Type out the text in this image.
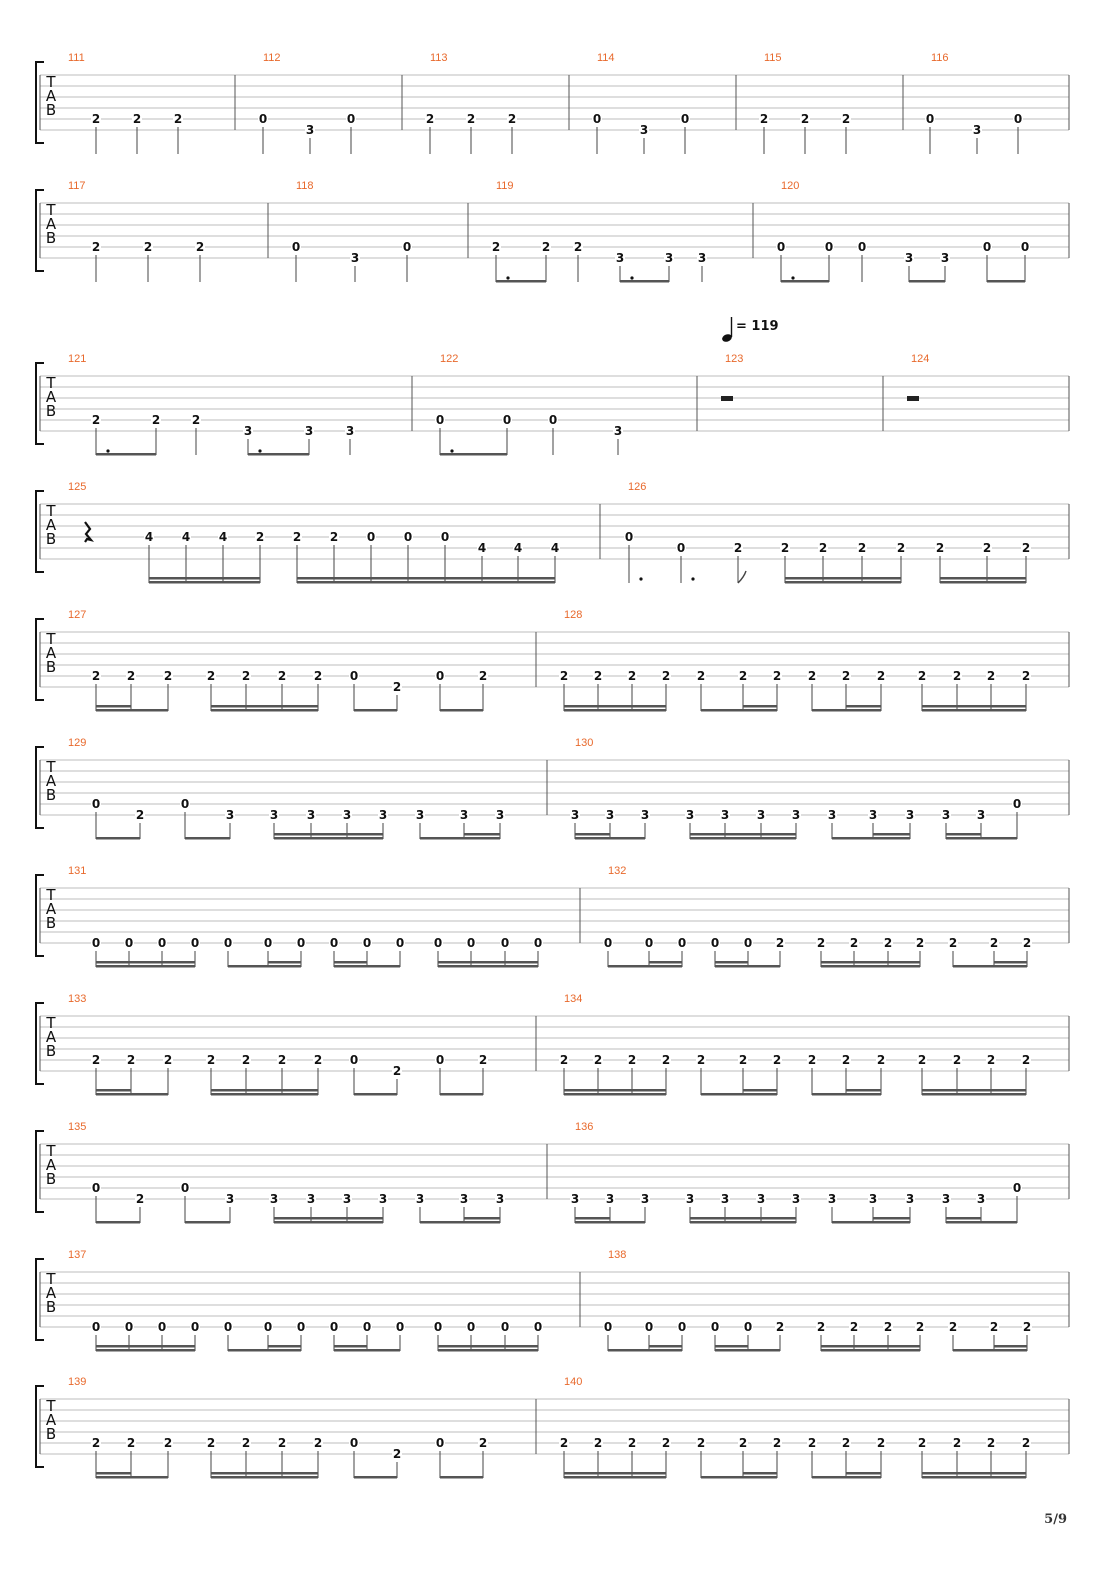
= 119
T
A
B
111
2	2	2
112
0
3
0
113
2	2	2
114
0
3
0
115
2	2	2
116
0
3
0
T
A
B
117
2	2	2
118
0
3
0
119
2	2 2
3	3 3
120
0	0 0
3 3
0 0
T
A
B
121
2	2	2
3	3	3
122
0	0	0
3
123	124
T
A
B
125
4 4 4 2 2 2 0 0 0
4 4 4
126
0
0	2	2 2	2	2	2	2	2
T
A
B
127
2 2 2	2 2 2 2 0
2
0	2
128
2 2 2 2 2	2 2 2 2 2	2 2 2 2
T
A
B
129
0
2
0
3	3 3 3 3 3	3 3
130
3 3 3	3 3 3 3 3	3 3 3 3
0
T
A
B
131
0 0 0 0 0	0 0 0 0 0 0 0 0 0
132
0	0 0 0 0 2	2 2 2 2 2	2 2
T
A
B
133
2 2 2	2 2 2 2 0
2
0	2
134
2 2 2 2 2	2 2 2 2 2	2 2 2 2
T
A
B
135
0
2
0
3	3 3 3 3 3	3 3
136
3 3 3	3 3 3 3 3	3 3 3 3
0
T
A
B
137
0 0 0 0 0	0 0 0 0 0 0 0 0 0
138
0	0 0 0 0 2	2 2 2 2 2	2 2
T
A
B
139
2 2 2	2 2 2 2 0
2
0	2
140
2 2 2 2 2	2 2 2 2 2	2 2 2 2
5/9
